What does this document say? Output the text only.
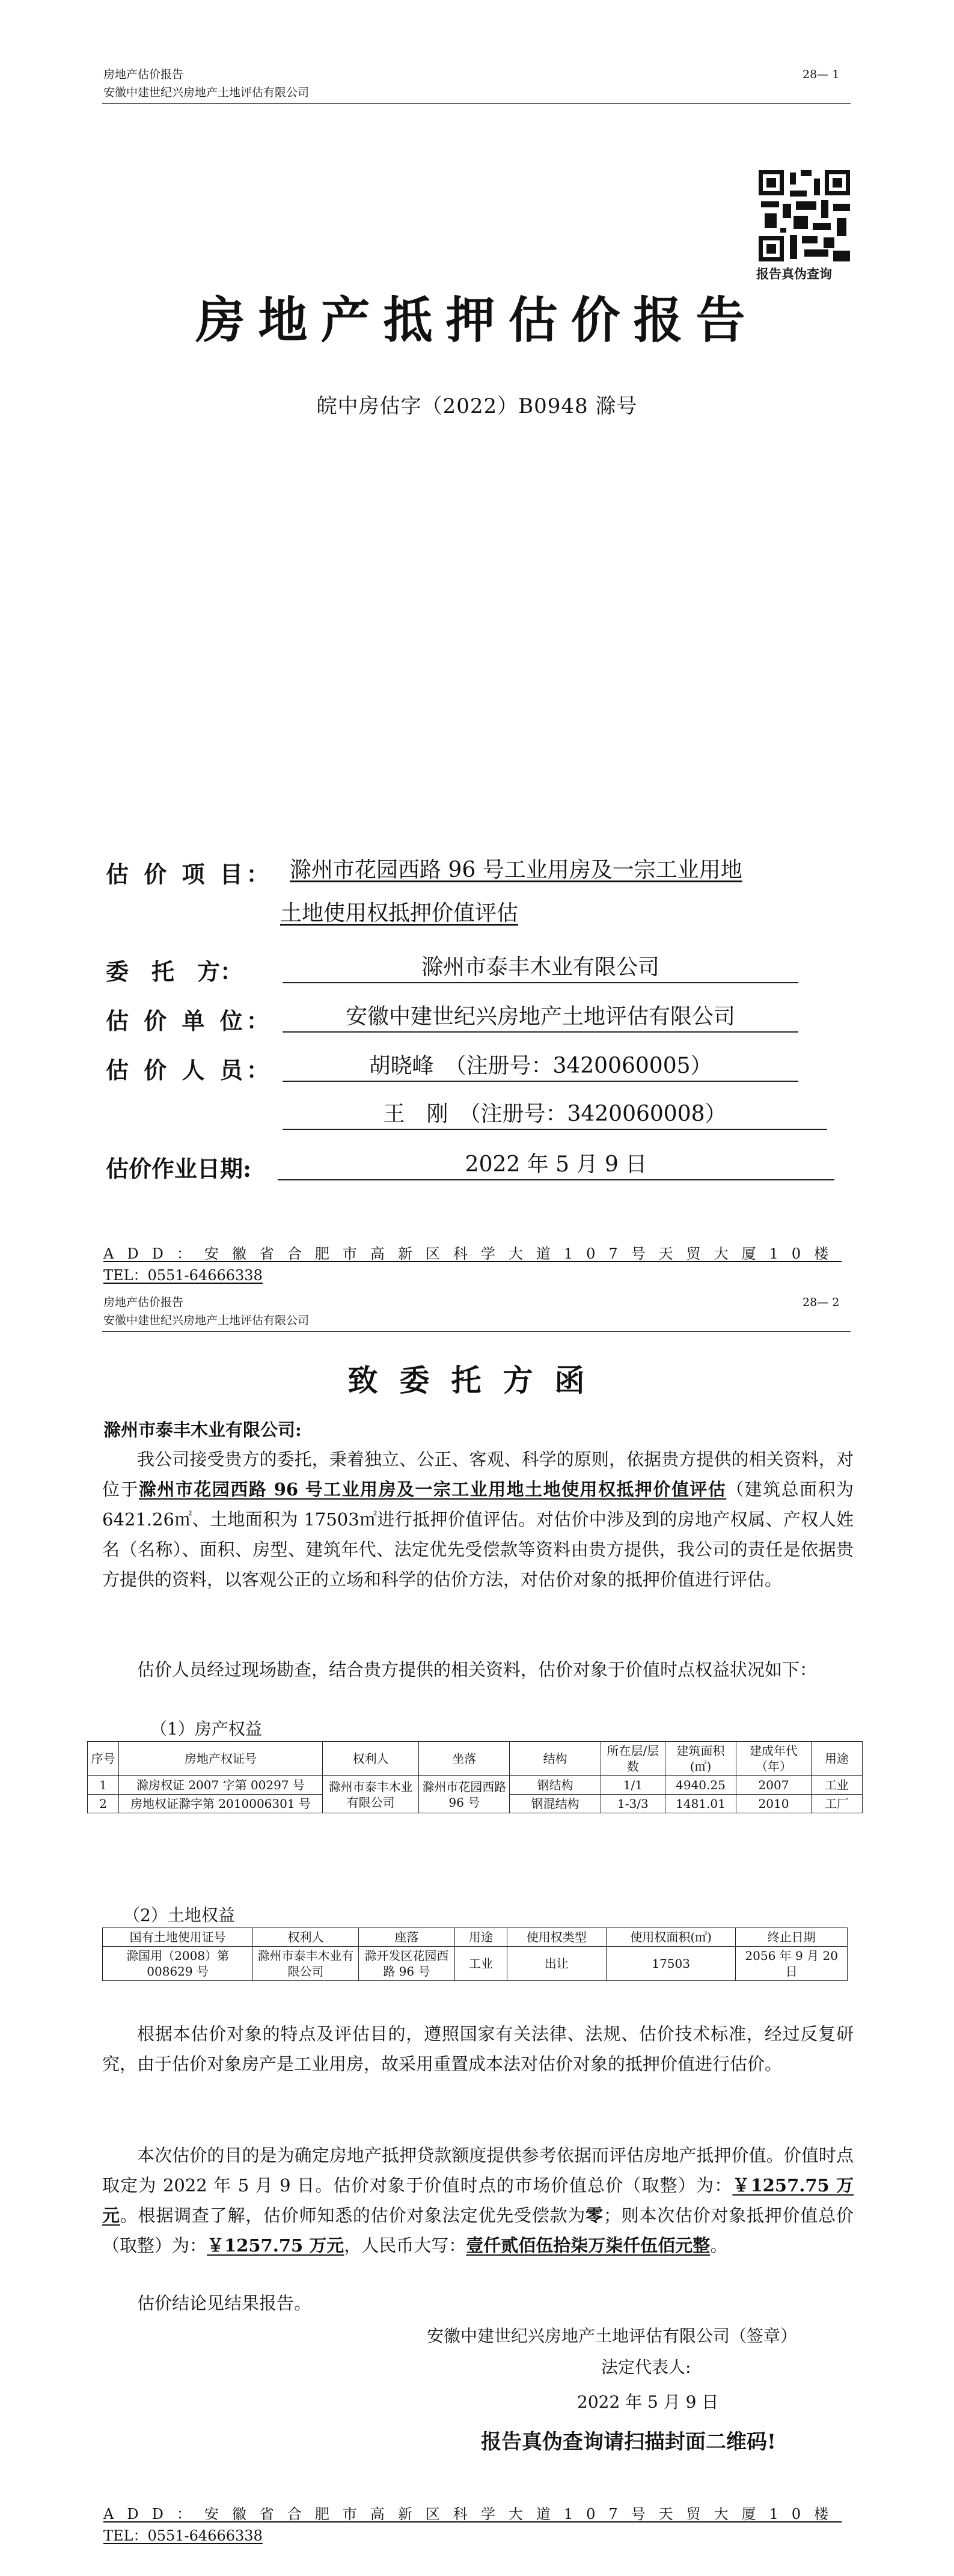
房地产估价报告
安徽中建世纪兴房地产土地评估有限公司
28— 1
报告真伪查询
房地产抵押估价报告
皖中房估字（2022）B0948 滁号
估 价 项 目： 滁州市花园西路 96 号工业用房及一宗工业用地
土地使用权抵押价值评估
委　托　方：	滁州市泰丰木业有限公司
估 价 单 位：	安徽中建世纪兴房地产土地评估有限公司
估 价 人 员：	胡晓峰　（注册号：3420060005）
王　刚　（注册号：3420060008）
估价作业日期:	2022 年 5 月 9 日
ADD：安徽省合肥市高新区科学大道107号天贸大厦10楼
TEL：0551-64666338
房地产估价报告
安徽中建世纪兴房地产土地评估有限公司
28— 2
致委托方函
滁州市泰丰木业有限公司:
我公司接受贵方的委托，秉着独立、公正、客观、科学的原则，依据贵方提供的相关资料，对位于滁州市花园西路 96 号工业用房及一宗工业用地土地使用权抵押价值评估（建筑总面积为 6421.26㎡、土地面积为 17503㎡进行抵押价值评估。对估价中涉及到的房地产权属、产权人姓名（名称）、面积、房型、建筑年代、法定优先受偿款等资料由贵方提供，我公司的责任是依据贵方提供的资料，以客观公正的立场和科学的估价方法，对估价对象的抵押价值进行评估。
估价人员经过现场勘查，结合贵方提供的相关资料，估价对象于价值时点权益状况如下：
（1）房产权益
序号	房地产权证号	权利人	坐落	结构	所在层/层数	建筑面积(㎡)	建成年代（年）	用途
1	滁房权证 2007 字第 00297 号	滁州市泰丰木业有限公司	滁州市花园西路 96 号	钢结构	1/1	4940.25	2007	工业
2	房地权证滁字第 2010006301 号			钢混结构	1-3/3	1481.01	2010	工厂
（2）土地权益
国有土地使用证号	权利人	座落	用途	使用权类型	使用权面积(㎡)	终止日期
滁国用（2008）第 008629 号	滁州市泰丰木业有限公司	滁开发区花园西路 96 号	工业	出让	17503	2056 年 9 月 20 日
根据本估价对象的特点及评估目的，遵照国家有关法律、法规、估价技术标准，经过反复研究，由于估价对象房产是工业用房，故采用重置成本法对估价对象的抵押价值进行估价。
本次估价的目的是为确定房地产抵押贷款额度提供参考依据而评估房地产抵押价值。价值时点取定为 2022 年 5 月 9 日。估价对象于价值时点的市场价值总价（取整）为：￥1257.75 万元。根据调查了解，估价师知悉的估价对象法定优先受偿款为零；则本次估价对象抵押价值总价（取整）为：￥1257.75 万元，人民币大写：壹仟贰佰伍拾柒万柒仟伍佰元整。
估价结论见结果报告。
安徽中建世纪兴房地产土地评估有限公司（签章）
法定代表人:
2022 年 5 月 9 日
报告真伪查询请扫描封面二维码!
ADD：安徽省合肥市高新区科学大道107号天贸大厦10楼
TEL：0551-64666338
